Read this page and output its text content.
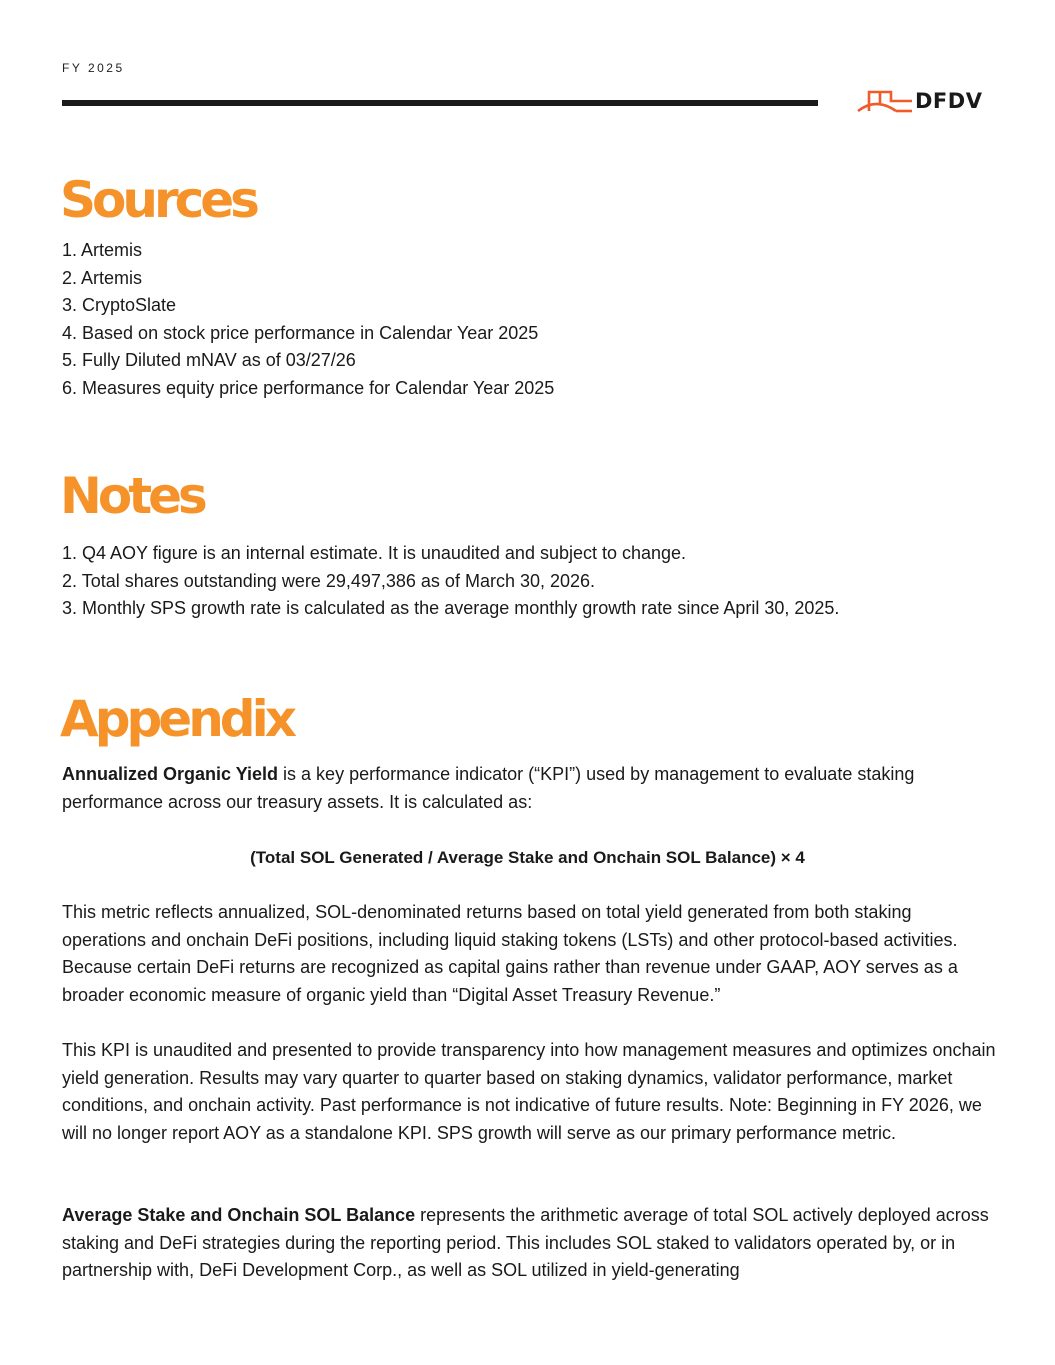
FY 2025
DFDV
Sources
1. Artemis
2. Artemis
3. CryptoSlate
4. Based on stock price performance in Calendar Year 2025
5. Fully Diluted mNAV as of 03/27/26
6. Measures equity price performance for Calendar Year 2025
Notes
1. Q4 AOY figure is an internal estimate. It is unaudited and subject to change.
2. Total shares outstanding were 29,497,386 as of March 30, 2026.
3. Monthly SPS growth rate is calculated as the average monthly growth rate since April 30, 2025.
Appendix

Annualized Organic Yield is a key performance indicator (“KPI”) used by management to evaluate staking performance across our treasury assets. It is calculated as:

(Total SOL Generated / Average Stake and Onchain SOL Balance) × 4

This metric reflects annualized, SOL-denominated returns based on total yield generated from both staking operations and onchain DeFi positions, including liquid staking tokens (LSTs) and other protocol-based activities. Because certain DeFi returns are recognized as capital gains rather than revenue under GAAP, AOY serves as a broader economic measure of organic yield than “Digital Asset Treasury Revenue.”

This KPI is unaudited and presented to provide transparency into how management measures and optimizes onchain yield generation. Results may vary quarter to quarter based on staking dynamics, validator performance, market conditions, and onchain activity. Past performance is not indicative of future results. Note: Beginning in FY 2026, we will no longer report AOY as a standalone KPI. SPS growth will serve as our primary performance metric.

Average Stake and Onchain SOL Balance represents the arithmetic average of total SOL actively deployed across staking and DeFi strategies during the reporting period. This includes SOL staked to validators operated by, or in partnership with, DeFi Development Corp., as well as SOL utilized in yield-generating
